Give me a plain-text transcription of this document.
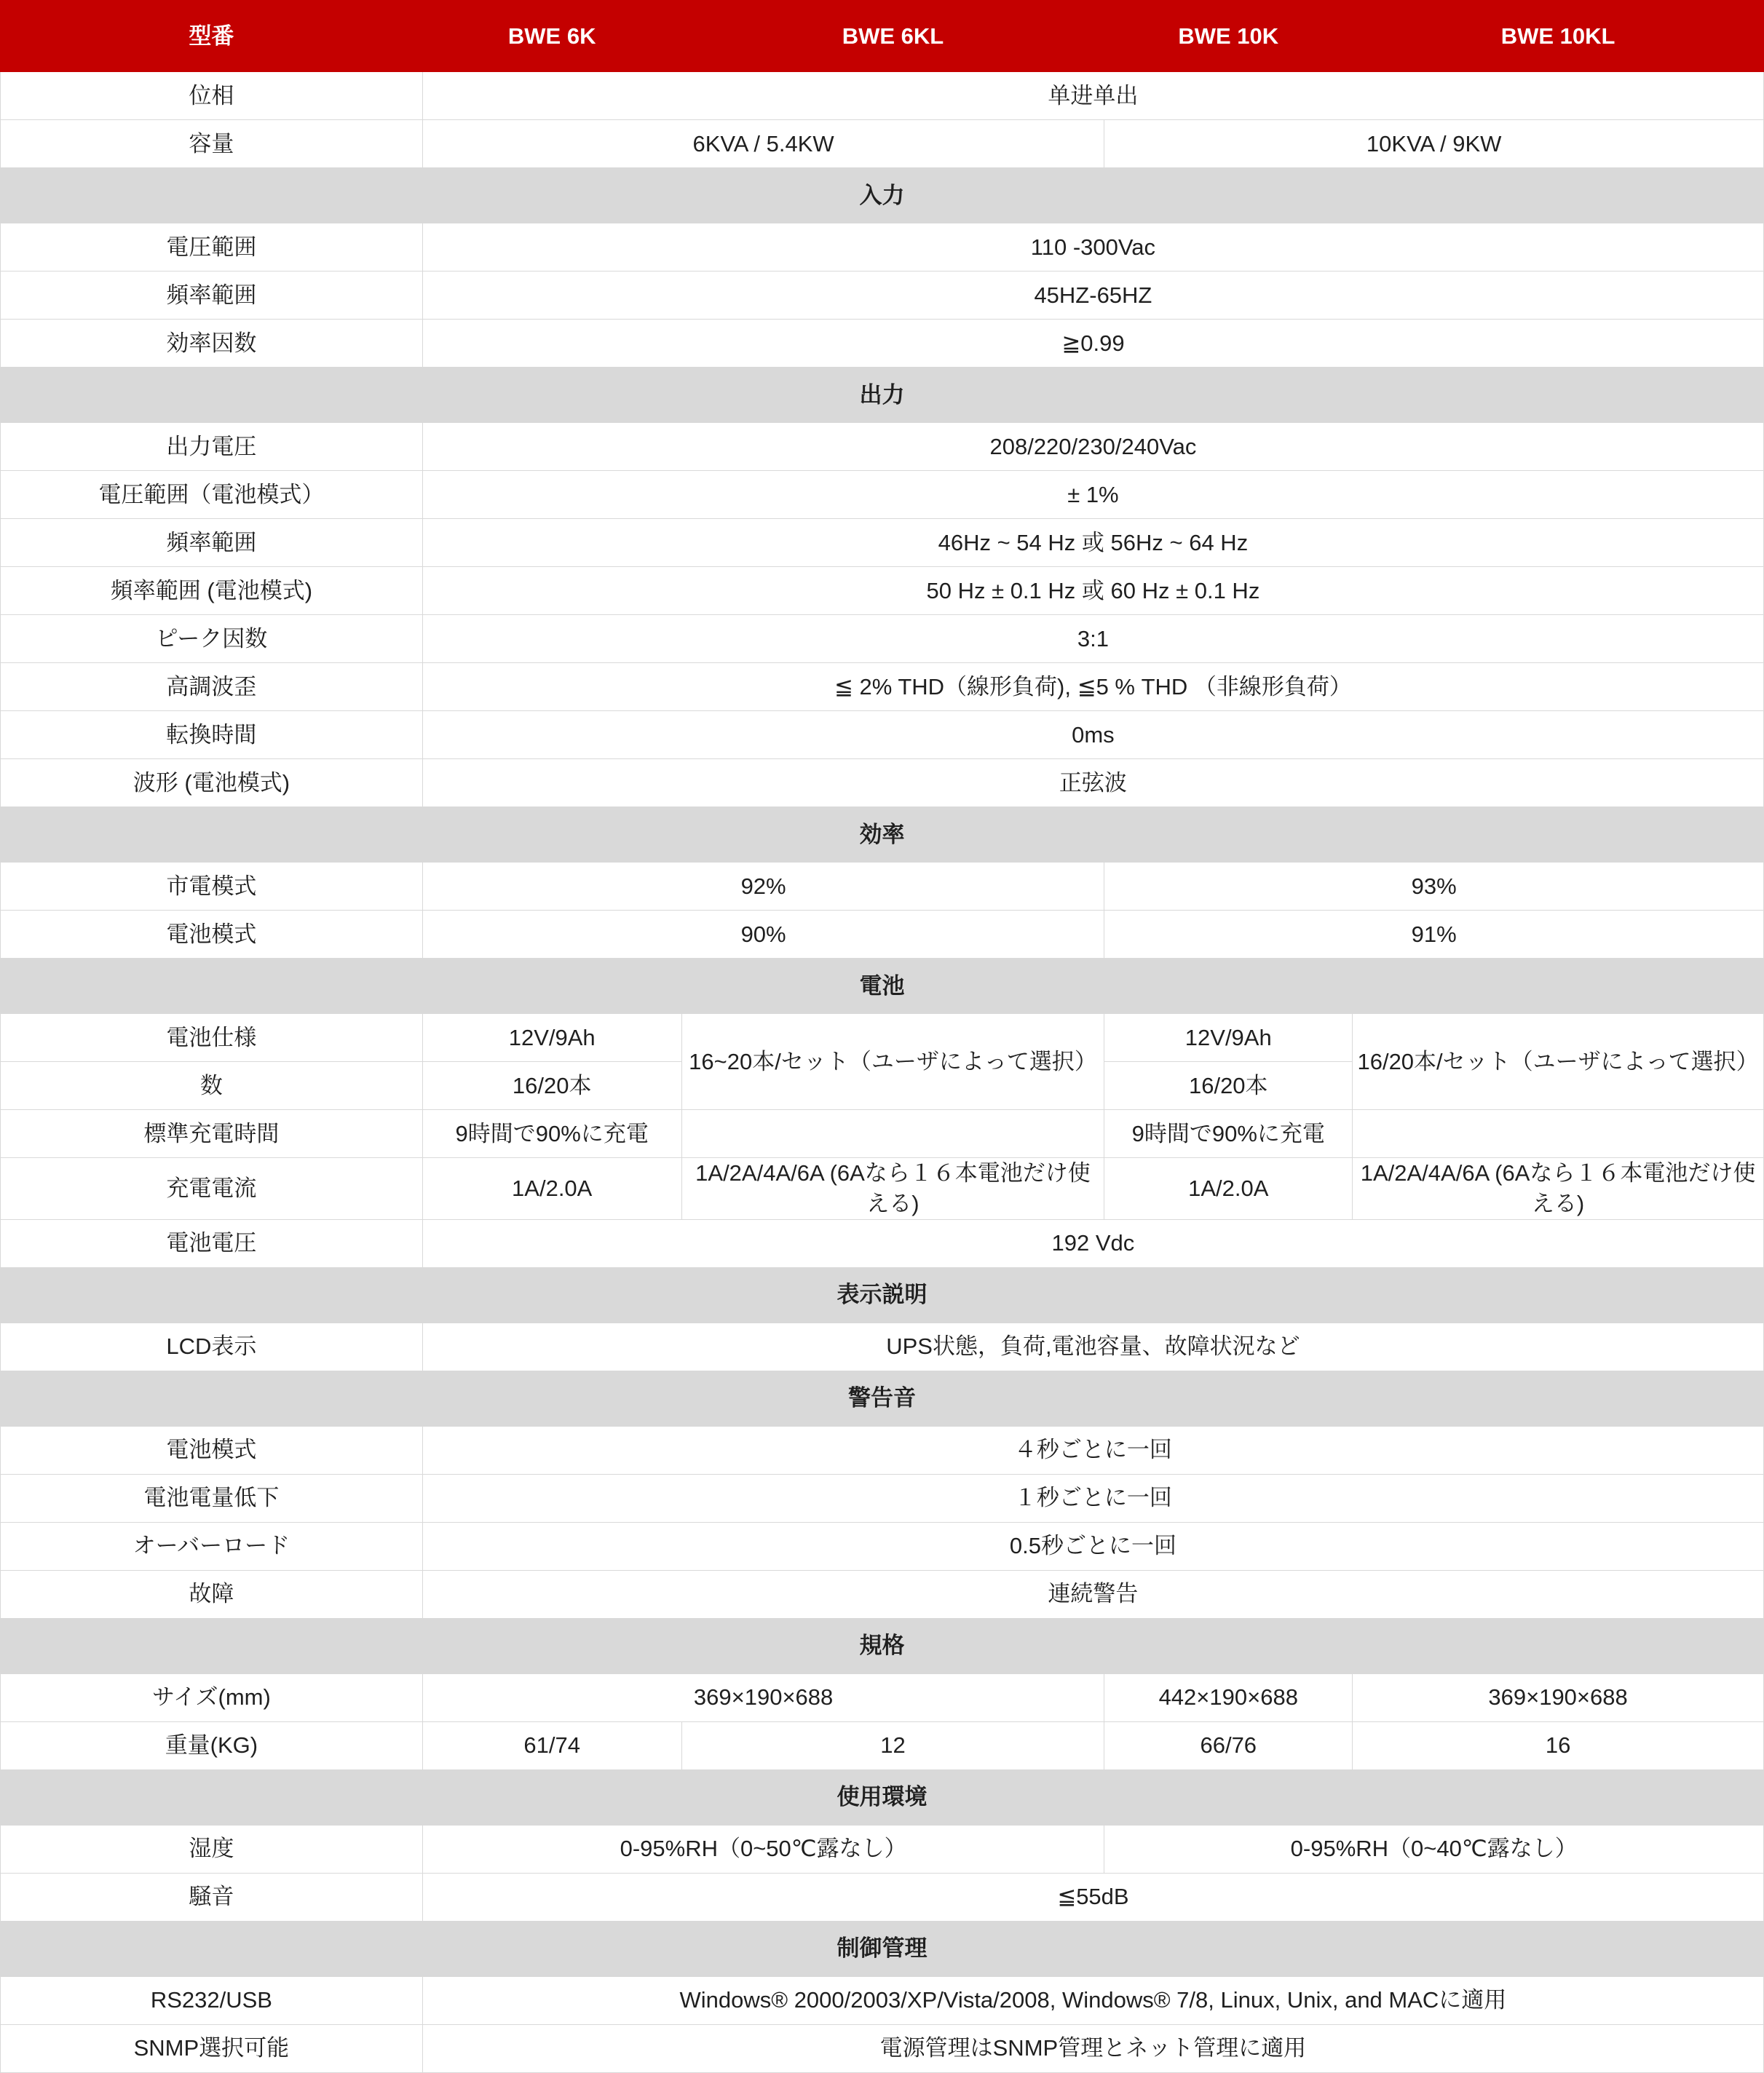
型番	BWE 6K	BWE 6KL	BWE 10K	BWE 10KL
位相	单进单出			
容量	6KVA / 5.4KW		10KVA / 9KW	
入力				
電圧範囲	110 -300Vac			
頻率範囲	45HZ-65HZ			
効率因数	≧0.99			
出力				
出力電圧	208/220/230/240Vac			
電圧範囲（電池模式）	± 1%			
頻率範囲	46Hz ~ 54 Hz 或 56Hz ~ 64 Hz			
頻率範囲 (電池模式)	50 Hz ± 0.1 Hz 或 60 Hz ± 0.1 Hz			
ピーク因数	3:1			
高調波歪	≦ 2% THD（線形負荷), ≦5 % THD （非線形負荷）			
転換時間	0ms			
波形 (電池模式)	正弦波			
効率				
市電模式	92%		93%	
電池模式	90%		91%	
電池				
電池仕様	12V/9Ah	16~20本/セット（ユーザによって選択）	12V/9Ah	16/20本/セット（ユーザによって選択）
数	16/20本		16/20本	
標準充電時間	9時間で90%に充電		9時間で90%に充電	
充電電流	1A/2.0A	1A/2A/4A/6A (6Aなら１６本電池だけ使える)	1A/2.0A	1A/2A/4A/6A (6Aなら１６本電池だけ使える)
電池電圧	192 Vdc			
表示説明				
LCD表示	UPS状態，負荷,電池容量、故障状況など			
警告音				
電池模式	４秒ごとに一回			
電池電量低下	１秒ごとに一回			
オーバーロード	0.5秒ごとに一回			
故障	連続警告			
規格				
サイズ(mm)	369×190×688		442×190×688	369×190×688
重量(KG)	61/74	12	66/76	16
使用環境				
湿度	0-95%RH（0~50℃露なし）		0-95%RH（0~40℃露なし）	
騒音	≦55dB			
制御管理				
RS232/USB	Windows® 2000/2003/XP/Vista/2008, Windows® 7/8, Linux, Unix, and MACに適用			
SNMP選択可能	電源管理はSNMP管理とネット管理に適用			
